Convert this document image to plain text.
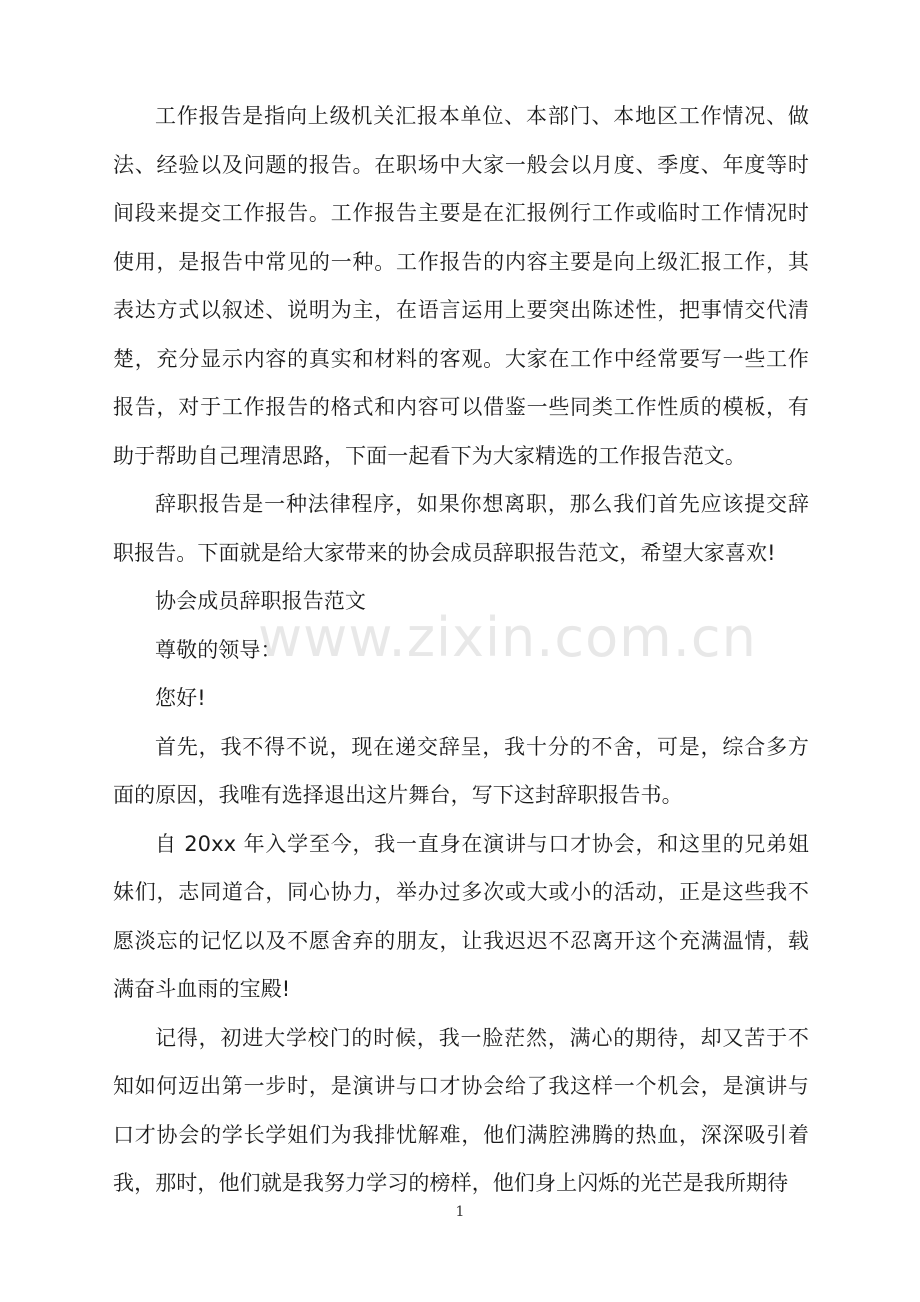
工作报告是指向上级机关汇报本单位、本部门、本地区工作情况、做法、经验以及问题的报告。在职场中大家一般会以月度、季度、年度等时间段来提交工作报告。工作报告主要是在汇报例行工作或临时工作情况时使用，是报告中常见的一种。工作报告的内容主要是向上级汇报工作，其表达方式以叙述、说明为主，在语言运用上要突出陈述性，把事情交代清楚，充分显示内容的真实和材料的客观。大家在工作中经常要写一些工作报告，对于工作报告的格式和内容可以借鉴一些同类工作性质的模板，有助于帮助自己理清思路，下面一起看下为大家精选的工作报告范文。

辞职报告是一种法律程序，如果你想离职，那么我们首先应该提交辞职报告。下面就是给大家带来的协会成员辞职报告范文，希望大家喜欢!

协会成员辞职报告范文

尊敬的领导：

您好!

首先，我不得不说，现在递交辞呈，我十分的不舍，可是，综合多方面的原因，我唯有选择退出这片舞台，写下这封辞职报告书。

自 20xx 年入学至今，我一直身在演讲与口才协会，和这里的兄弟姐妹们，志同道合，同心协力，举办过多次或大或小的活动，正是这些我不愿淡忘的记忆以及不愿舍弃的朋友，让我迟迟不忍离开这个充满温情，载满奋斗血雨的宝殿!

记得，初进大学校门的时候，我一脸茫然，满心的期待，却又苦于不知如何迈出第一步时，是演讲与口才协会给了我这样一个机会，是演讲与口才协会的学长学姐们为我排忧解难，他们满腔沸腾的热血，深深吸引着我，那时，他们就是我努力学习的榜样，他们身上闪烁的光芒是我所期待

www.zixin.com.cn
1
